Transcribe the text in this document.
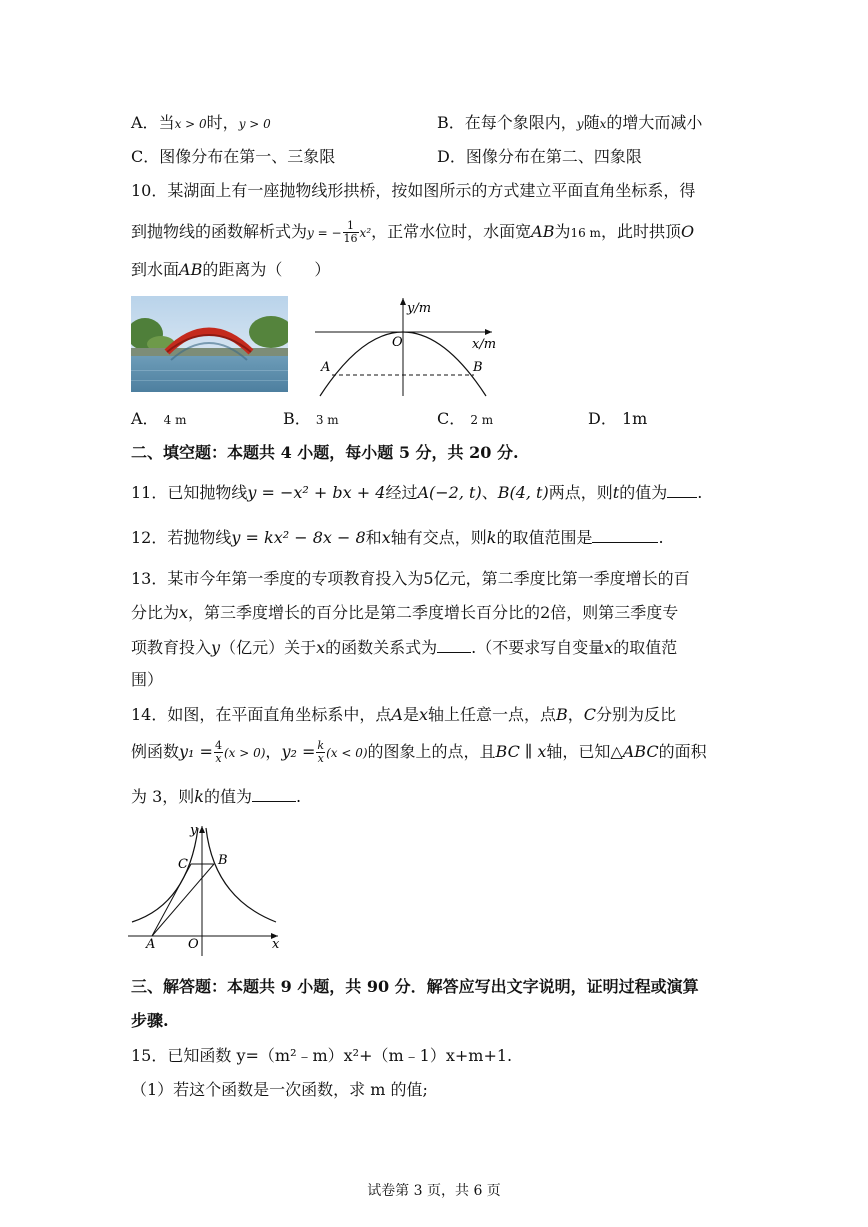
A．当x > 0时，y > 0	B．在每个象限内，y随x的增大而减小
C．图像分布在第一、三象限	D．图像分布在第二、四象限
10．某湖面上有一座抛物线形拱桥，按如图所示的方式建立平面直角坐标系，得
到抛物线的函数解析式为y = − $\frac{1}{16} x^2$，正常水位时，水面宽AB为16 m，此时拱顶O
到水面AB的距离为（　　）
y/m
x/m
O
A	B
A． 4 m	B． 3 m	C． 2 m	D． 1m
二、填空题：本题共 4 小题，每小题 5 分，共 20 分.
11．已知抛物线y = −x² + bx + 4经过A(−2, t)、B(4, t)两点，则t的值为 .
12．若抛物线y = kx² − 8x − 8和x轴有交点，则k的取值范围是	.
13．某市今年第一季度的专项教育投入为5亿元，第二季度比第一季度增长的百
分比为x，第三季度增长的百分比是第二季度增长百分比的2倍，则第三季度专
项教育投入y（亿元）关于x的函数关系式为 .（不要求写自变量x的取值范
围）
14．如图，在平面直角坐标系中，点A是x轴上任意一点，点B，C分别为反比
例函数$y_1 = \frac{4}{x} (x > 0)$，$y_2 = \frac{k}{x} (x < 0)$的图象上的点，且BC ∥ x轴，已知△ABC的面积
为 3，则k的值为	.
y
x
O
A
B
C
三、解答题：本题共 9 小题，共 90 分．解答应写出文字说明，证明过程或演算
步骤.
15．已知函数 y=（m²﹣m）x²+（m﹣1）x+m+1.
（1）若这个函数是一次函数，求 m 的值;
试卷第 3 页，共 6 页
